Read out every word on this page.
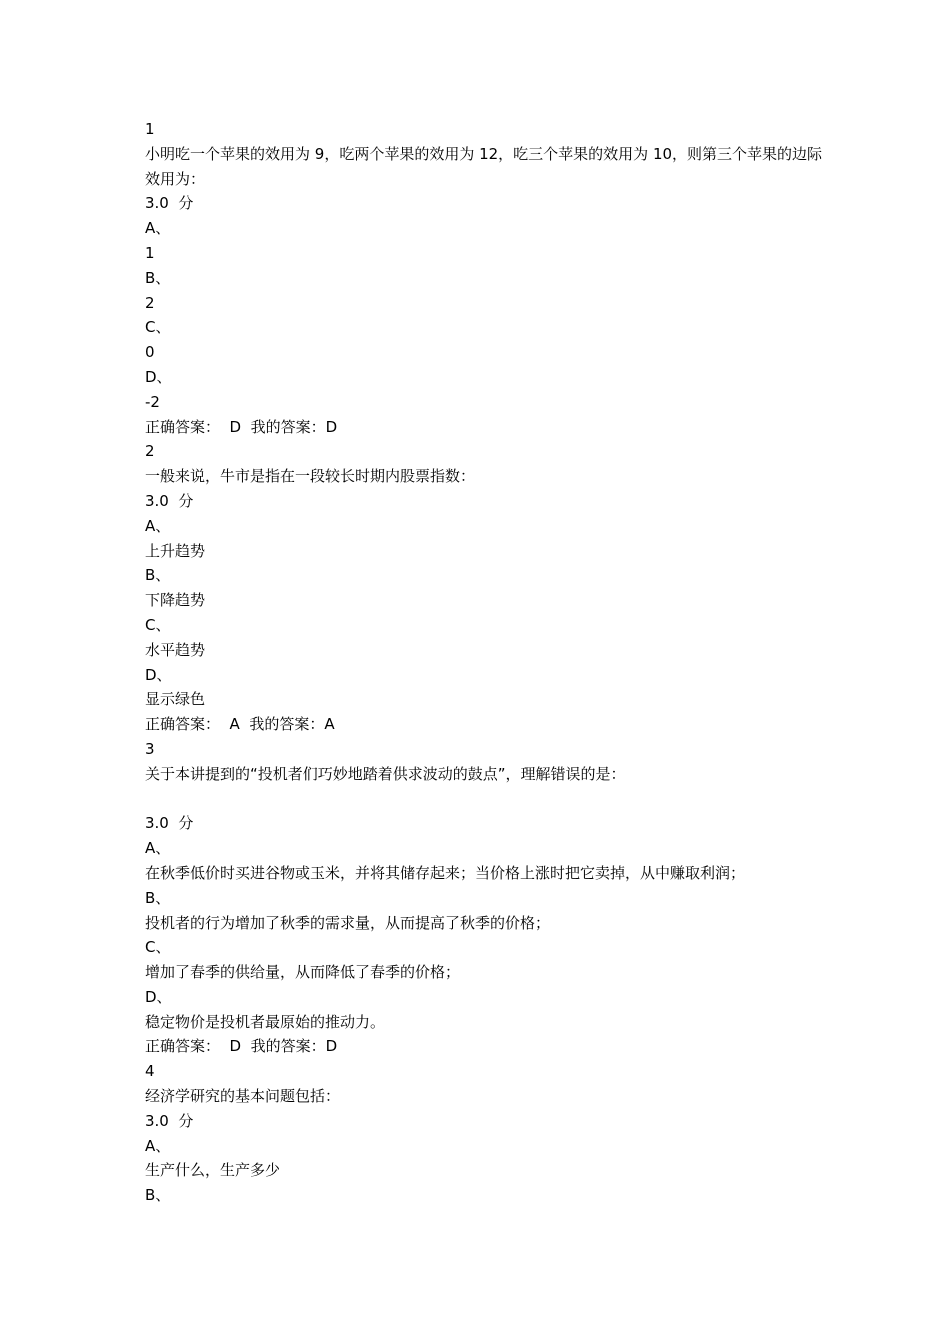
1
小明吃一个苹果的效用为 9，吃两个苹果的效用为 12，吃三个苹果的效用为 10，则第三个苹果的边际效用为：
3.0  分
A、
1
B、
2
C、
0
D、
-2
正确答案：  D  我的答案：D
2
一般来说，牛市是指在一段较长时期内股票指数：
3.0  分
A、
上升趋势
B、
下降趋势
C、
水平趋势
D、
显示绿色
正确答案：  A  我的答案：A
3
关于本讲提到的“投机者们巧妙地踏着供求波动的鼓点”，理解错误的是：
3.0  分
A、
在秋季低价时买进谷物或玉米，并将其储存起来；当价格上涨时把它卖掉，从中赚取利润；
B、
投机者的行为增加了秋季的需求量，从而提高了秋季的价格；
C、
增加了春季的供给量，从而降低了春季的价格；
D、
稳定物价是投机者最原始的推动力。
正确答案：  D  我的答案：D
4
经济学研究的基本问题包括：
3.0  分
A、
生产什么，生产多少
B、
